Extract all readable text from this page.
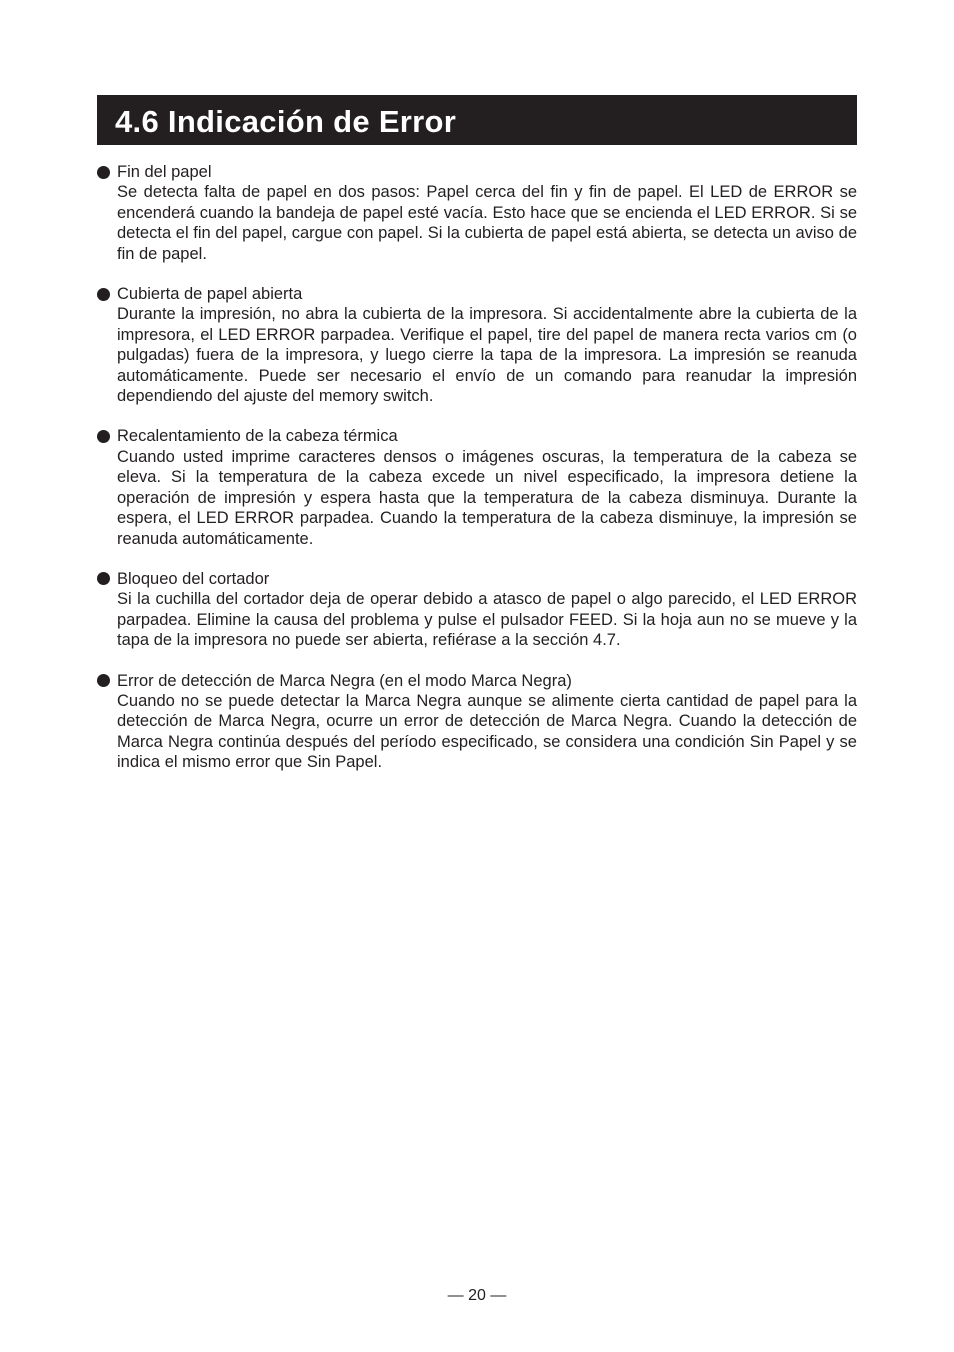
4.6 Indicación de Error
Fin del papel
Se detecta falta de papel en dos pasos: Papel cerca del fin y fin de papel. El LED de ERROR se encenderá cuando la bandeja de papel esté vacía. Esto hace que se encienda el LED ERROR. Si se detecta el fin del papel, cargue con papel. Si la cubierta de papel está abierta, se detecta un aviso de fin de papel.
Cubierta de papel abierta
Durante la impresión, no abra la cubierta de la impresora. Si accidentalmente abre la cubierta de la impresora, el LED ERROR parpadea. Verifique el papel, tire del papel de manera recta varios cm (o pulgadas) fuera de la impresora, y luego cierre la tapa de la impresora. La impresión se reanuda automáticamente. Puede ser necesario el envío de un comando para reanudar la impresión dependiendo del ajuste del memory switch.
Recalentamiento de la cabeza térmica
Cuando usted imprime caracteres densos o imágenes oscuras, la temperatura de la cabeza se eleva. Si la temperatura de la cabeza excede un nivel especificado, la impresora detiene la operación de impresión y espera hasta que la temperatura de la cabeza disminuya. Durante la espera, el LED ERROR parpadea. Cuando la temperatura de la cabeza disminuye, la impresión se reanuda automáticamente.
Bloqueo del cortador
Si la cuchilla del cortador deja de operar debido a atasco de papel o algo parecido, el LED ERROR parpadea. Elimine la causa del problema y pulse el pulsador FEED. Si la hoja aun no se mueve y la tapa de la impresora no puede ser abierta, refiérase a la sección 4.7.
Error de detección de Marca Negra (en el modo Marca Negra)
Cuando no se puede detectar la Marca Negra aunque se alimente cierta cantidad de papel para la detección de Marca Negra, ocurre un error de detección de Marca Negra. Cuando la detección de Marca Negra continúa después del período especificado, se considera una condición Sin Papel y se indica el mismo error que Sin Papel.
— 20 —
